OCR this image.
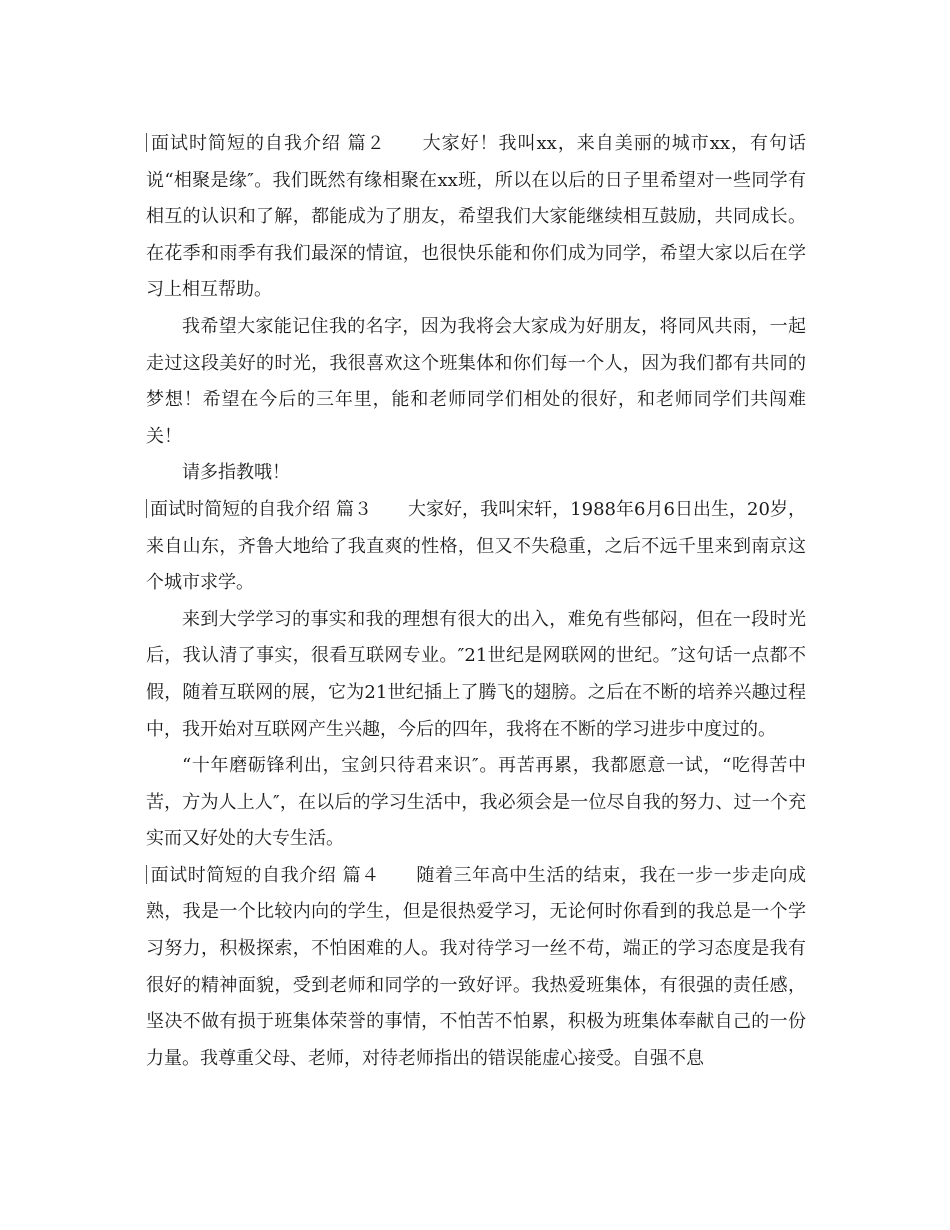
面试时简短的自我介绍 篇２ 大家好！我叫xx，来自美丽的城市xx，有句话说“相聚是缘″。我们既然有缘相聚在xx班，所以在以后的日子里希望对一些同学有相互的认识和了解，都能成为了朋友，希望我们大家能继续相互鼓励，共同成长。在花季和雨季有我们最深的情谊，也很快乐能和你们成为同学，希望大家以后在学习上相互帮助。

我希望大家能记住我的名字，因为我将会大家成为好朋友，将同风共雨，一起走过这段美好的时光，我很喜欢这个班集体和你们每一个人，因为我们都有共同的梦想！希望在今后的三年里，能和老师同学们相处的很好，和老师同学们共闯难关！

请多指教哦！

面试时简短的自我介绍 篇３ 大家好，我叫宋轩，1988年6月6日出生，20岁，来自山东，齐鲁大地给了我直爽的性格，但又不失稳重，之后不远千里来到南京这个城市求学。

来到大学学习的事实和我的理想有很大的出入，难免有些郁闷，但在一段时光后，我认清了事实，很看互联网专业。″21世纪是网联网的世纪。″这句话一点都不假，随着互联网的展，它为21世纪插上了腾飞的翅膀。之后在不断的培养兴趣过程中，我开始对互联网产生兴趣，今后的四年，我将在不断的学习进步中度过的。

“十年磨砺锋利出，宝剑只待君来识″。再苦再累，我都愿意一试，“吃得苦中苦，方为人上人″，在以后的学习生活中，我必须会是一位尽自我的努力、过一个充实而又好处的大专生活。

面试时简短的自我介绍 篇４ 随着三年高中生活的结束，我在一步一步走向成熟，我是一个比较内向的学生，但是很热爱学习，无论何时你看到的我总是一个学习努力，积极探索，不怕困难的人。我对待学习一丝不苟，端正的学习态度是我有很好的精神面貌，受到老师和同学的一致好评。我热爱班集体，有很强的责任感，坚决不做有损于班集体荣誉的事情，不怕苦不怕累，积极为班集体奉献自己的一份力量。我尊重父母、老师，对待老师指出的错误能虚心接受。自强不息
